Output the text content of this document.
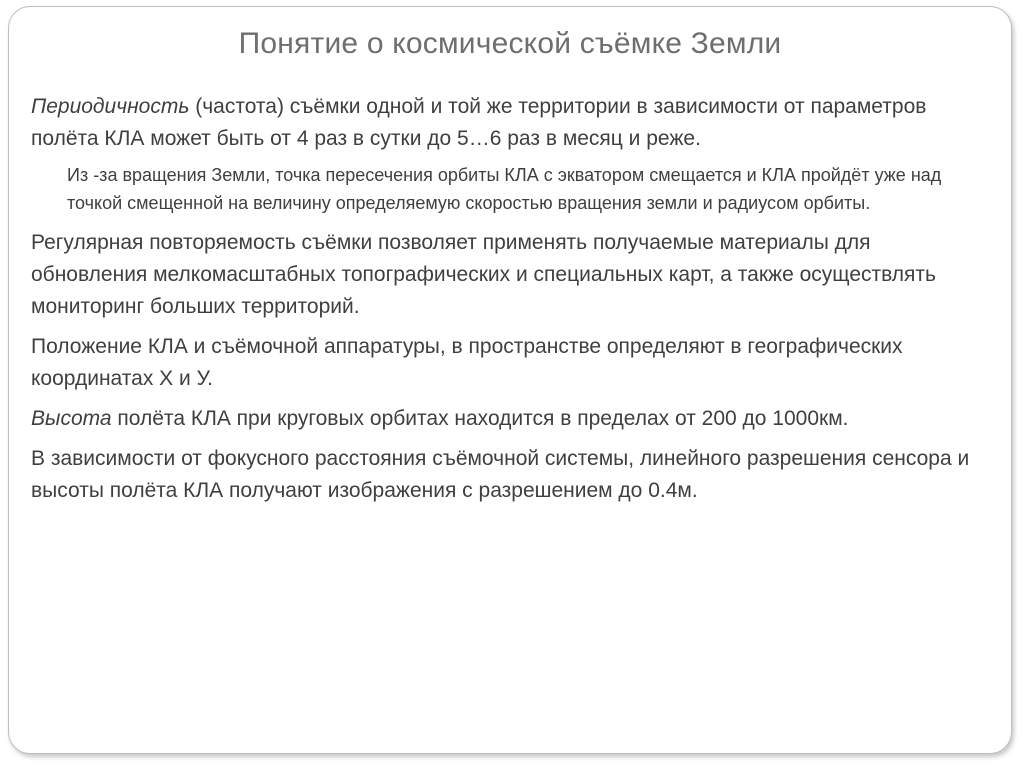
Понятие о космической съёмке Земли

Периодичность (частота) съёмки одной и той же территории в зависимости от параметров полёта КЛА может быть от 4 раз в сутки до 5…6 раз в месяц и реже.

Из -за вращения Земли, точка пересечения орбиты КЛА с экватором смещается и КЛА пройдёт уже над точкой смещенной на величину определяемую скоростью вращения земли и радиусом орбиты.

Регулярная повторяемость съёмки позволяет применять получаемые материалы для обновления мелкомасштабных топографических и специальных карт, а также осуществлять мониторинг больших территорий.

Положение КЛА и съёмочной аппаратуры, в пространстве определяют в географических координатах Х и У.

Высота полёта КЛА при круговых орбитах находится в пределах от 200 до 1000км.

В зависимости от фокусного расстояния съёмочной системы, линейного разрешения сенсора и высоты полёта КЛА получают изображения с разрешением до 0.4м.
